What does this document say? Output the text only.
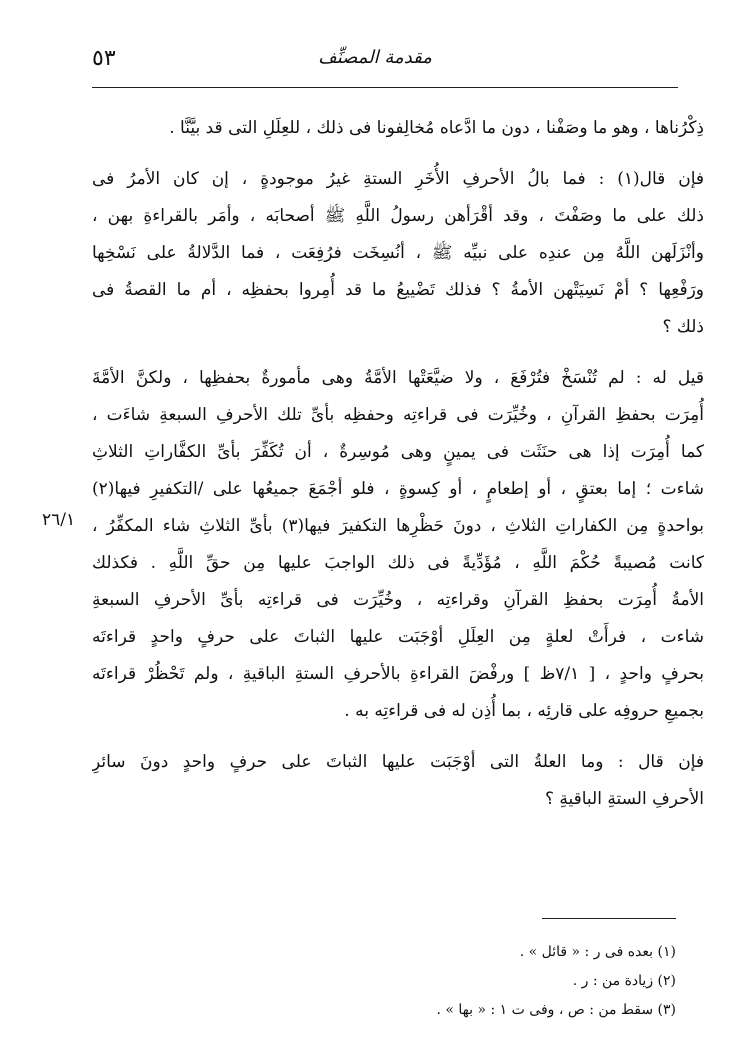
٥٣	مقدمة المصنِّف
ذِكْرُناها ، وهو ما وصَفْنا ، دون ما ادَّعاه مُخالِفونا فى ذلك ، للعِلَلِ التى قد بيَّنَّا .
فإن قال(١) : فما بالُ الأحرفِ الأُخَرِ الستةِ غيرُ موجودةٍ ، إن كان الأمرُ فى
ذلك على ما وصَفْتَ ، وقد أقْرَأهن رسولُ اللَّهِ ﷺ أصحابَه ، وأمَر بالقراءةِ بهن ،
وأنْزَلَهن اللَّهُ مِن عندِه على نبيِّه ﷺ ، أنُسِخَت فرُفِعَت ، فما الدَّلالةُ على نَسْخِها
ورَفْعِها ؟ أمْ نَسِيَتْهن الأمةُ ؟ فذلك تَضْييعُ ما قد أُمِروا بحفظِه ، أم ما القصةُ فى
ذلك ؟
قيل له : لم تُنْسَخْ فتُرْفَعَ ، ولا ضيَّعَتْها الأمَّةُ وهى مأمورةٌ بحفظِها ، ولكنَّ الأمَّةَ
أُمِرَت بحفظِ القرآنِ ، وخُيِّرَت فى قراءتِه وحفظِه بأىِّ تلك الأحرفِ السبعةِ شاءَت ،
كما أُمِرَت إذا هى حنَثَت فى يمينٍ وهى مُوسِرةٌ ، أن تُكَفِّرَ بأىِّ الكفَّاراتِ الثلاثِ
شاءت ؛ إما بعتقٍ ، أو إطعامٍ ، أو كِسوةٍ ، فلو أجْمَعَ جميعُها على /التكفيرِ فيها(٢)
بواحدةٍ مِن الكفاراتِ الثلاثِ ، دونَ حَظْرِها التكفيرَ فيها(٣) بأىِّ الثلاثِ شاء المكفِّرُ ،
كانت مُصيبةً حُكْمَ اللَّهِ ، مُؤَدِّيةً فى ذلك الواجبَ عليها مِن حقِّ اللَّهِ . فكذلك
الأمةُ أُمِرَت بحفظِ القرآنِ وقراءتِه ، وخُيِّرَت فى قراءتِه بأىِّ الأحرفِ السبعةِ
شاءت ، فرأَتْ لعلةٍ مِن العِلَلِ أوْجَبَت عليها الثباتَ على حرفٍ واحدٍ قراءتَه
بحرفٍ واحدٍ ، [ ٧/١ظ ] ورفْضَ القراءةِ بالأحرفِ الستةِ الباقيةِ ، ولم تَحْظُرْ قراءتَه
بجميعِ حروفِه على قارئِه ، بما أُذِن له فى قراءتِه به .
فإن قال : وما العلةُ التى أوْجَبَت عليها الثباتَ على حرفٍ واحدٍ دونَ سائرِ
الأحرفِ الستةِ الباقيةِ ؟
٢٦/١
(١) بعده فى ر : « قائل » .
(٢) زيادة من : ر .
(٣) سقط من : ص ، وفى ت ١ : « بها » .
